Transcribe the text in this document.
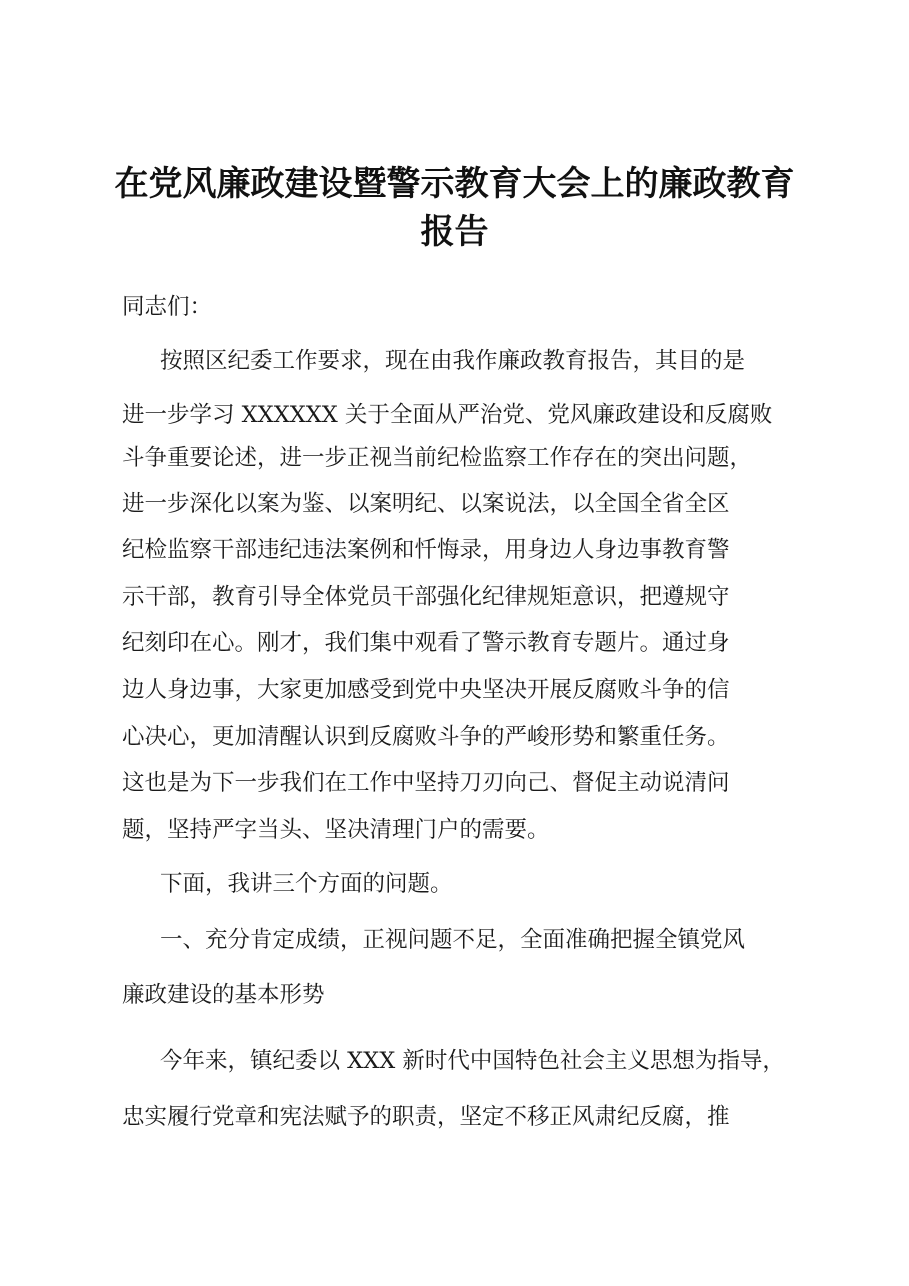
在党风廉政建设暨警示教育大会上的廉政教育
报告
同志们：
按照区纪委工作要求，现在由我作廉政教育报告，其目的是
进一步学习 XXXXXX 关于全面从严治党、党风廉政建设和反腐败
斗争重要论述，进一步正视当前纪检监察工作存在的突出问题，
进一步深化以案为鉴、以案明纪、以案说法，以全国全省全区
纪检监察干部违纪违法案例和忏悔录，用身边人身边事教育警
示干部，教育引导全体党员干部强化纪律规矩意识，把遵规守
纪刻印在心。刚才，我们集中观看了警示教育专题片。通过身
边人身边事，大家更加感受到党中央坚决开展反腐败斗争的信
心决心，更加清醒认识到反腐败斗争的严峻形势和繁重任务。
这也是为下一步我们在工作中坚持刀刃向己、督促主动说清问
题，坚持严字当头、坚决清理门户的需要。
下面，我讲三个方面的问题。
一、充分肯定成绩，正视问题不足，全面准确把握全镇党风
廉政建设的基本形势
今年来，镇纪委以 XXX 新时代中国特色社会主义思想为指导，
忠实履行党章和宪法赋予的职责，坚定不移正风肃纪反腐，推
